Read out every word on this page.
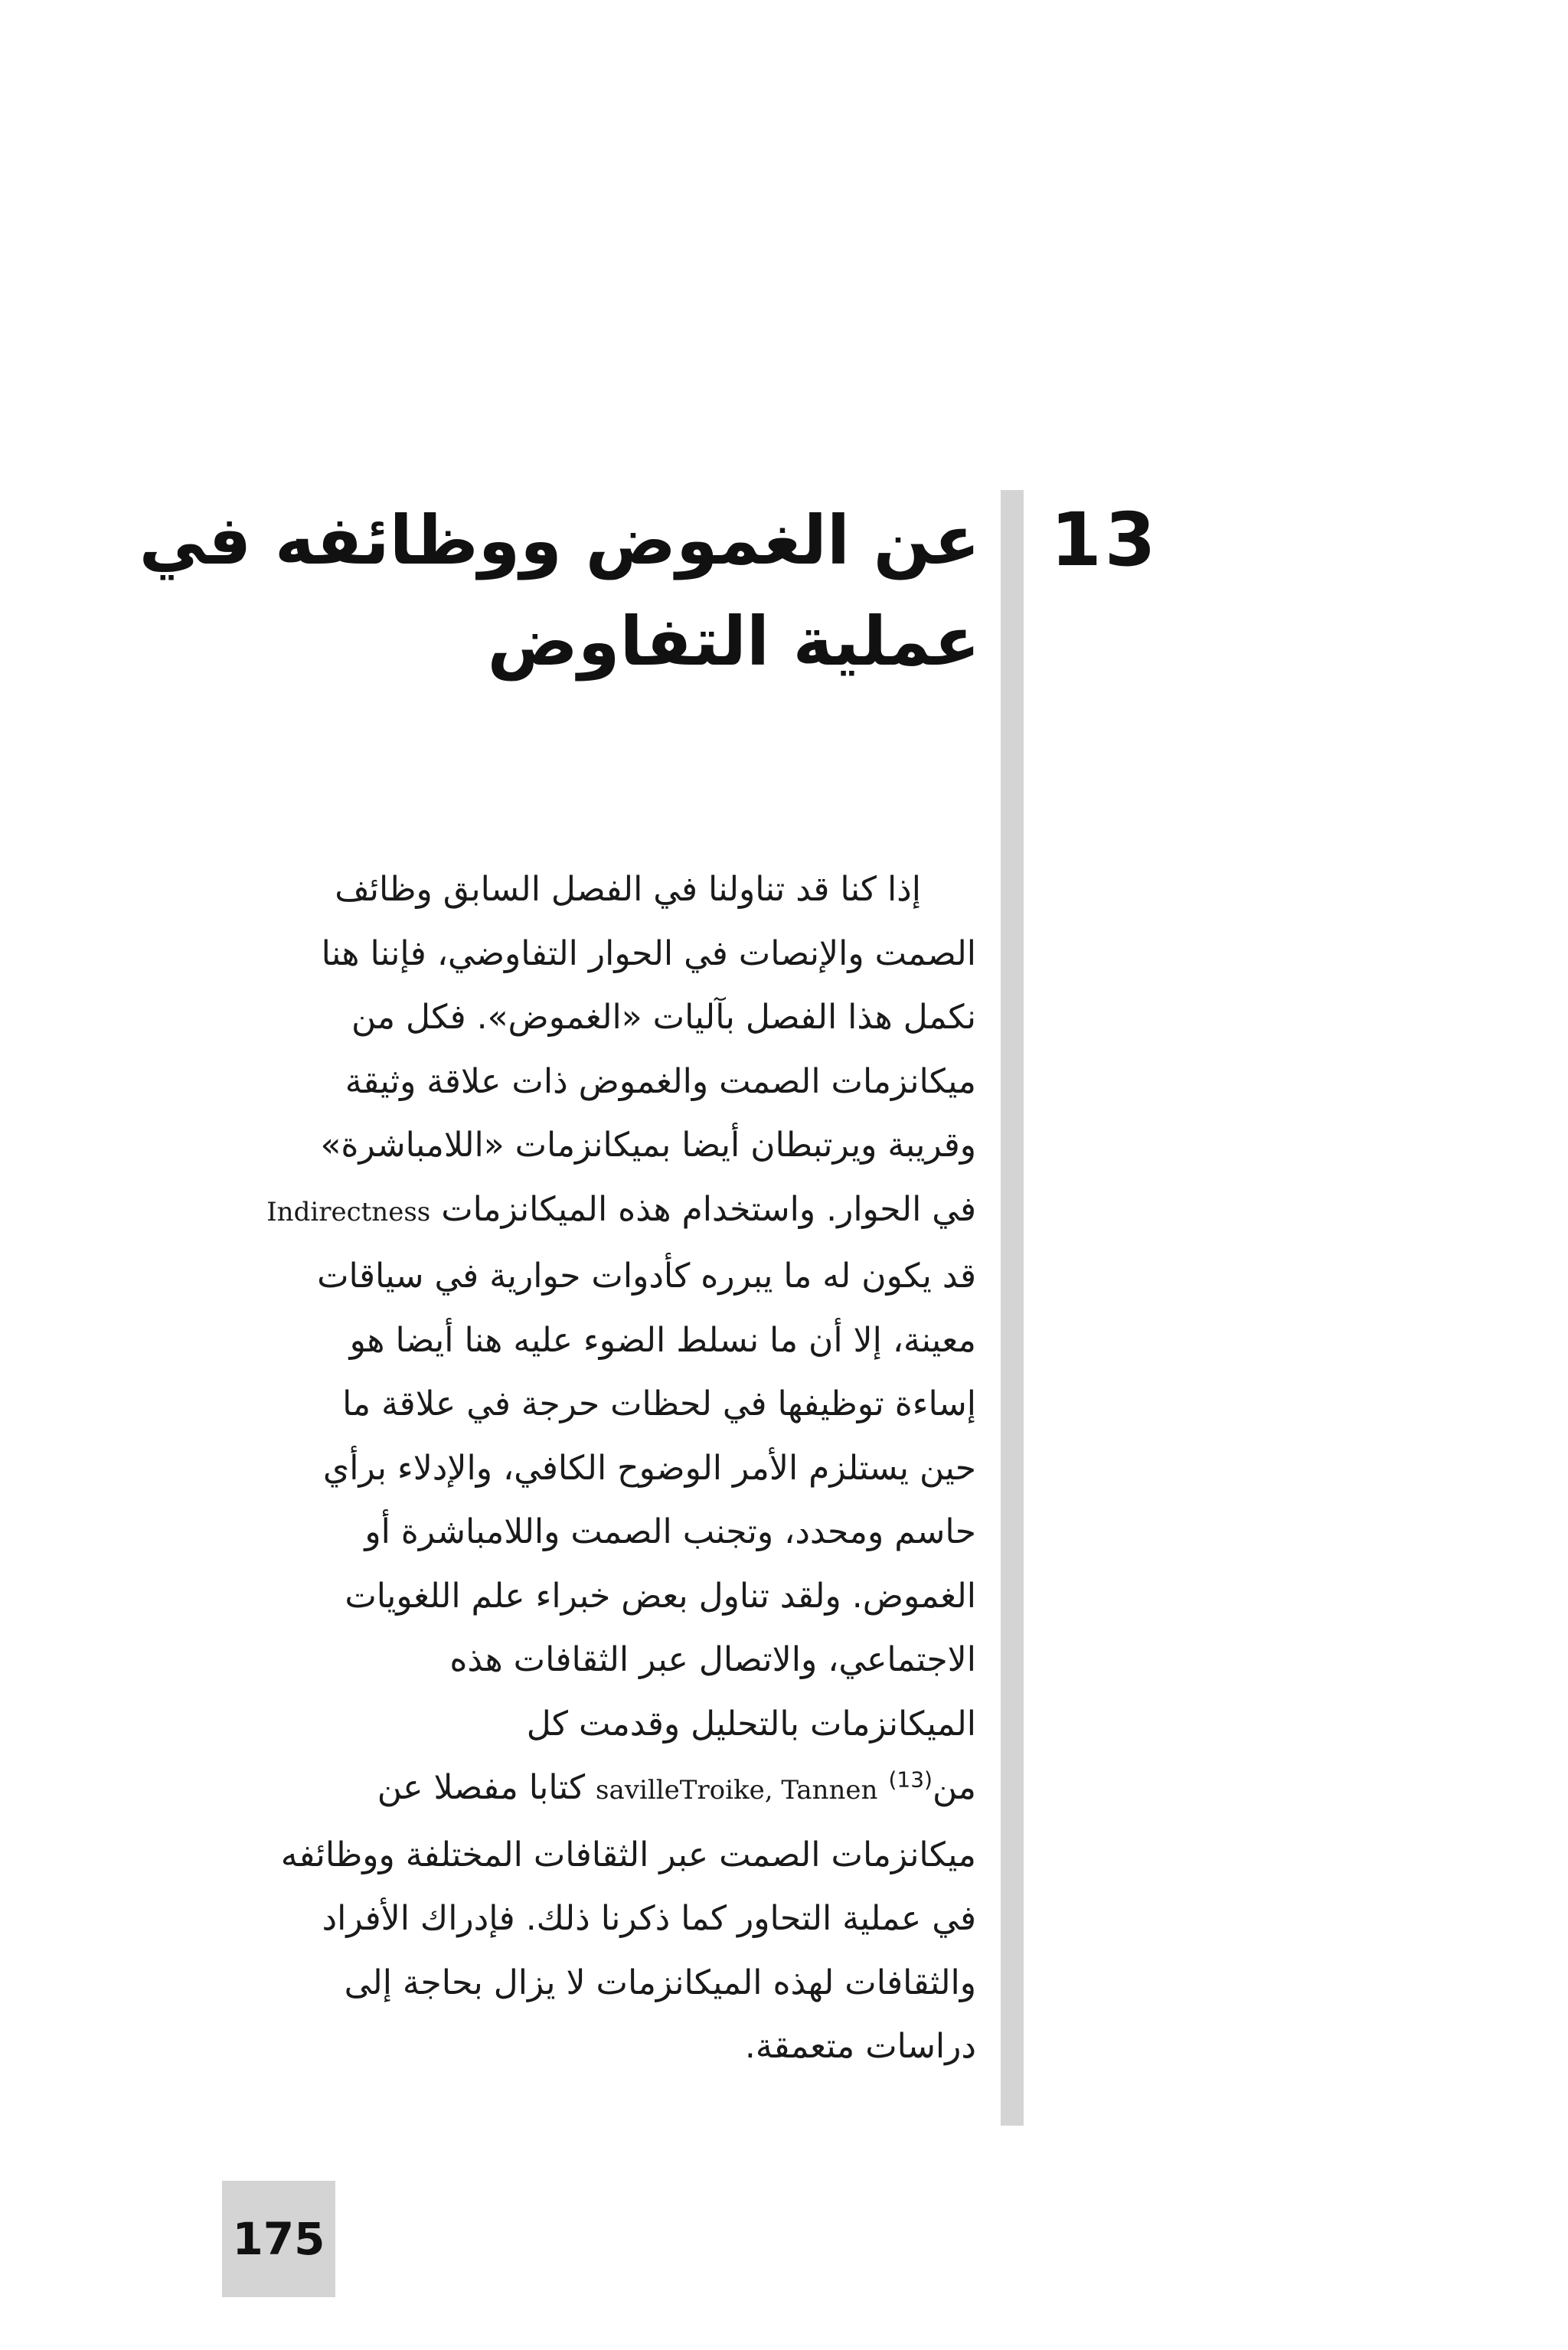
13
عن الغموض ووظائفه في
عملية التفاوض
إذا كنا قد تناولنا في الفصل السابق وظائف
الصمت والإنصات في الحوار التفاوضي، فإننا هنا
نكمل هذا الفصل بآليات «الغموض». فكل من
ميكانزمات الصمت والغموض ذات علاقة وثيقة
وقريبة ويرتبطان أيضا بميكانزمات «اللامباشرة»
في الحوار. واستخدام هذه الميكانزمات Indirectness
قد يكون له ما يبرره كأدوات حوارية في سياقات
معينة، إلا أن ما نسلط الضوء عليه هنا أيضا هو
إساءة توظيفها في لحظات حرجة في علاقة ما
حين يستلزم الأمر الوضوح الكافي، والإدلاء برأي
حاسم ومحدد، وتجنب الصمت واللامباشرة أو
الغموض. ولقد تناول بعض خبراء علم اللغويات
الاجتماعي، والاتصال عبر الثقافات هذه
الميكانزمات بالتحليل وقدمت كل
من$^{(13)}$ savilleTroike, Tannen كتابا مفصلا عن
ميكانزمات الصمت عبر الثقافات المختلفة ووظائفه
في عملية التحاور كما ذكرنا ذلك. فإدراك الأفراد
والثقافات لهذه الميكانزمات لا يزال بحاجة إلى
دراسات متعمقة.
175
